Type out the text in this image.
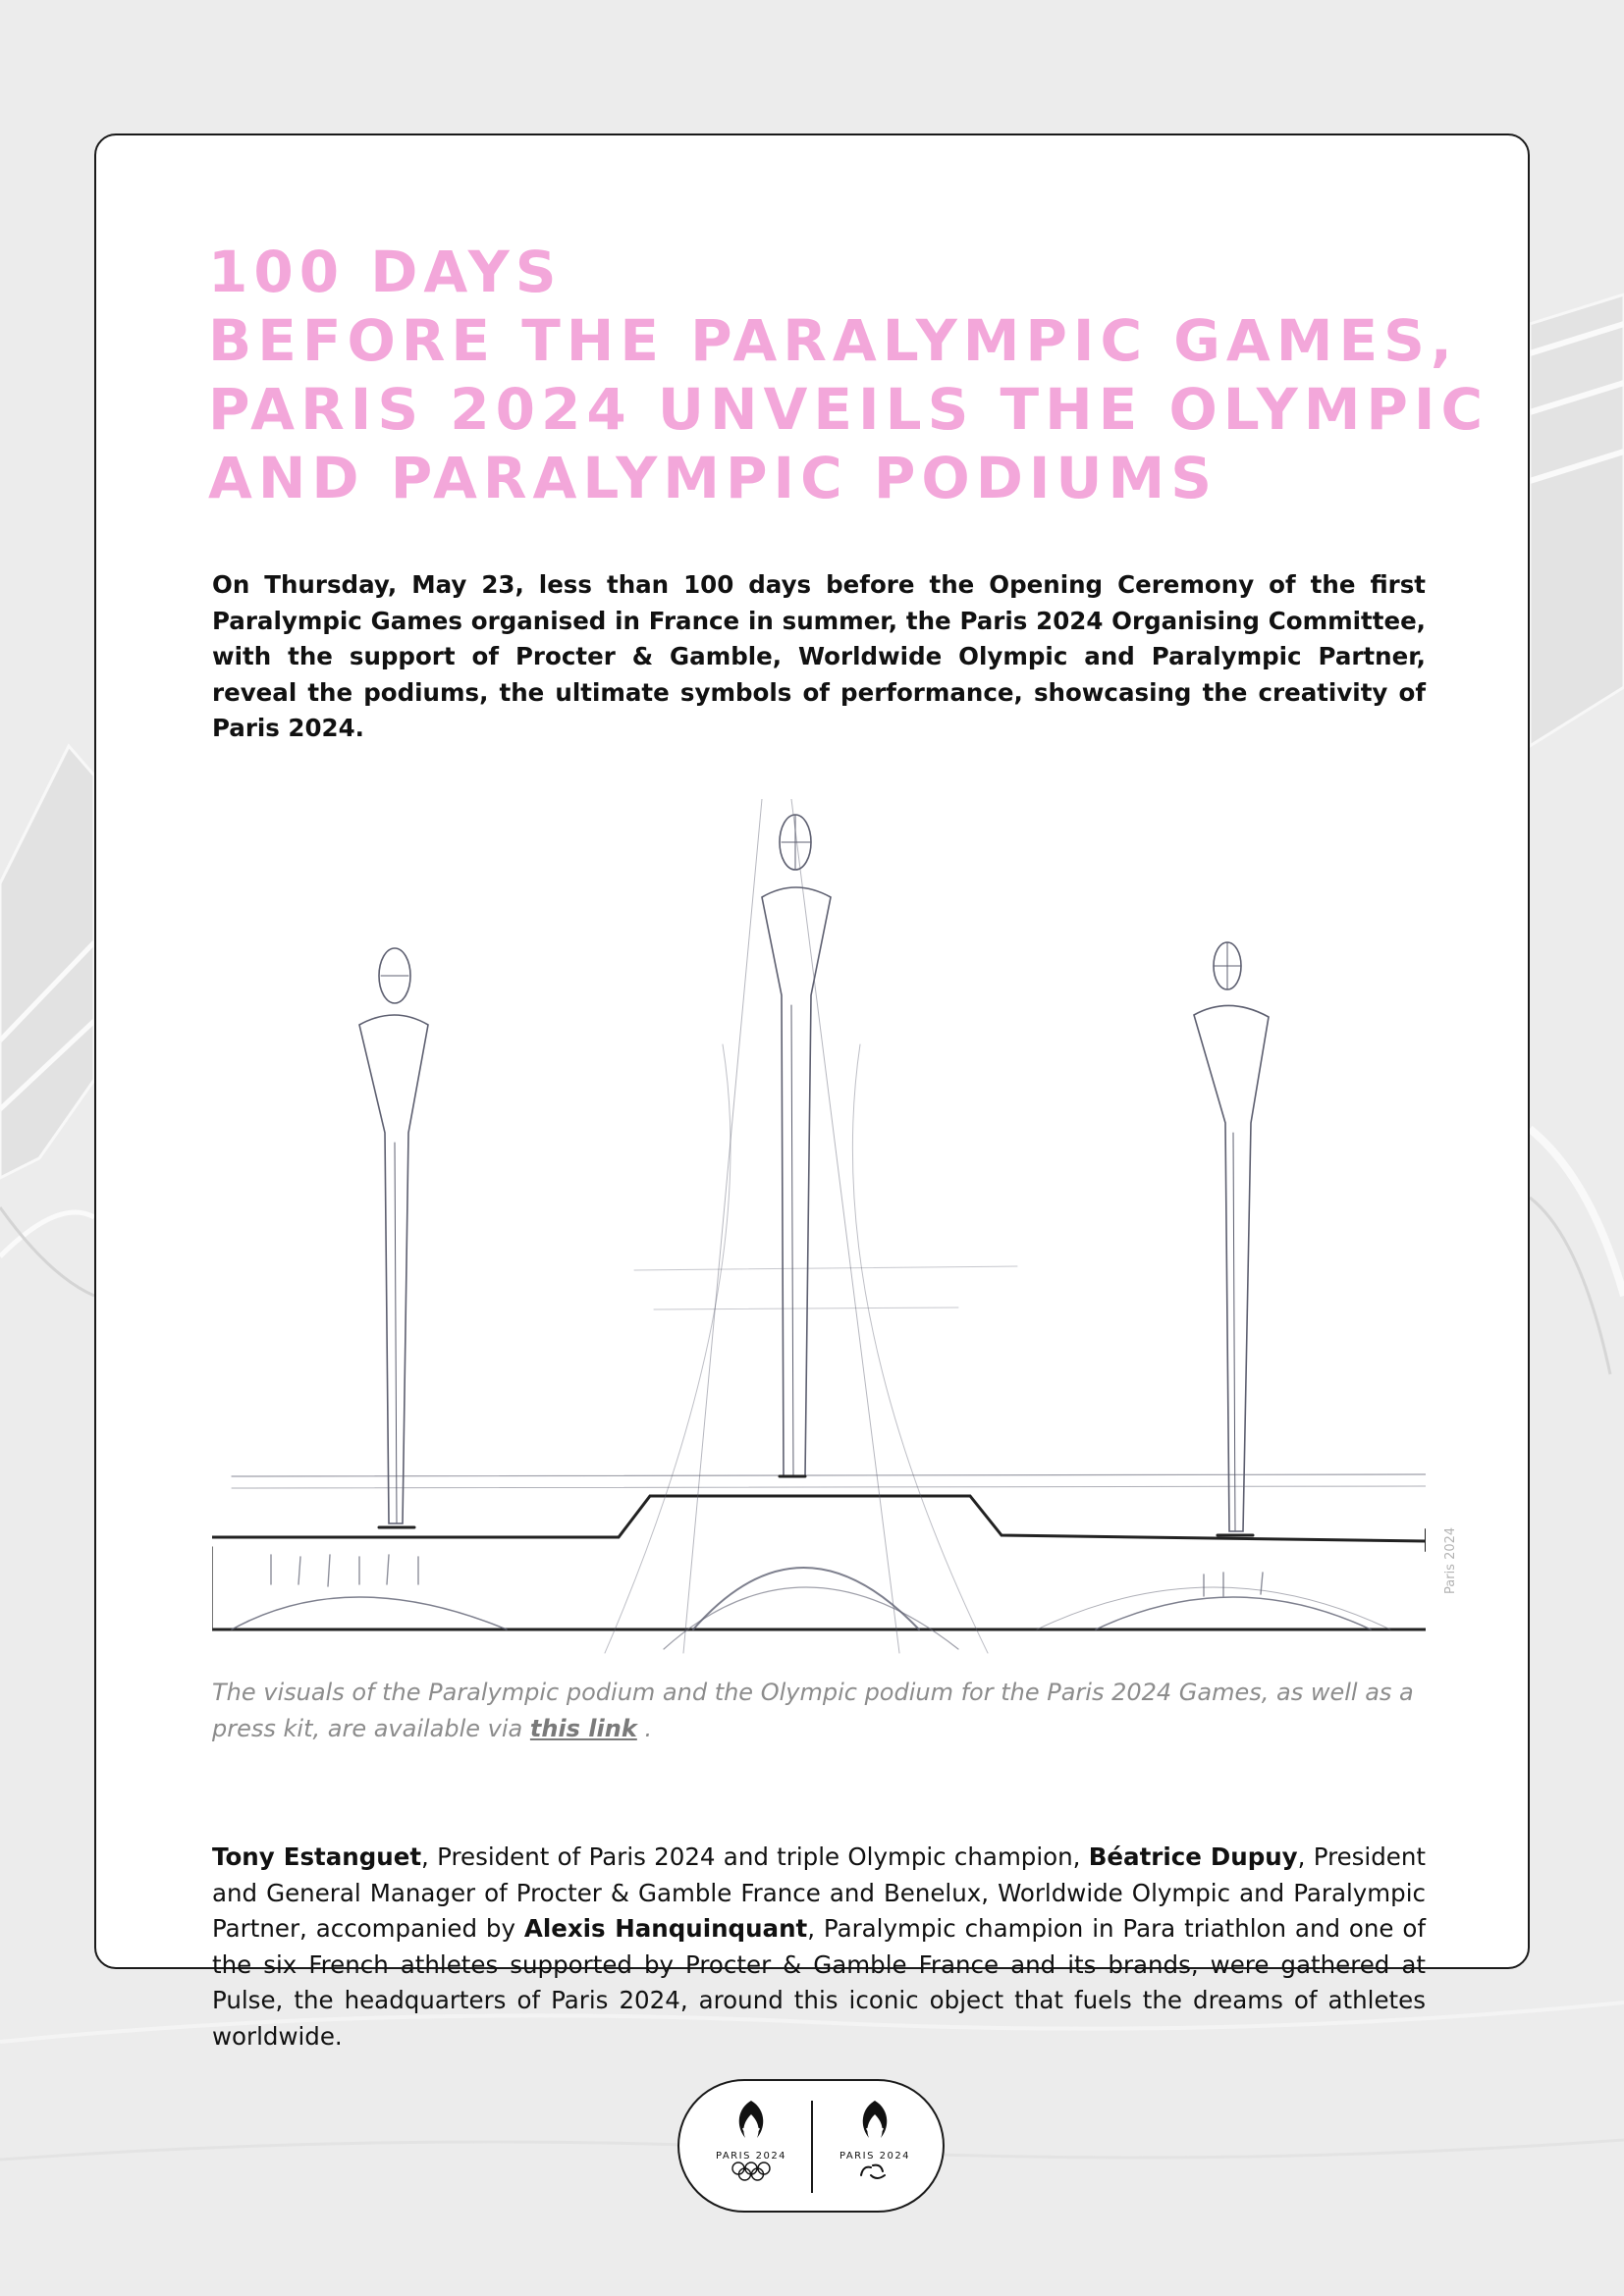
100 DAYS
BEFORE THE PARALYMPIC GAMES,
PARIS 2024 UNVEILS THE OLYMPIC
AND PARALYMPIC PODIUMS

On Thursday, May 23, less than 100 days before the Opening Ceremony of the first Paralympic Games organised in France in summer, the Paris 2024 Organising Committee, with the support of Procter & Gamble, Worldwide Olympic and Paralympic Partner, reveal the podiums, the ultimate symbols of performance, showcasing the creativity of Paris 2024.

Paris 2024

The visuals of the Paralympic podium and the Olympic podium for the Paris 2024 Games, as well as a press kit, are available via this link .

Tony Estanguet, President of Paris 2024 and triple Olympic champion, Béatrice Dupuy, President and General Manager of Procter & Gamble France and Benelux, Worldwide Olympic and Paralympic Partner, accompanied by Alexis Hanquinquant, Paralympic champion in Para triathlon and one of the six French athletes supported by Procter & Gamble France and its brands, were gathered at Pulse, the headquarters of Paris 2024, around this iconic object that fuels the dreams of athletes worldwide.

PARIS 2024	PARIS 2024
